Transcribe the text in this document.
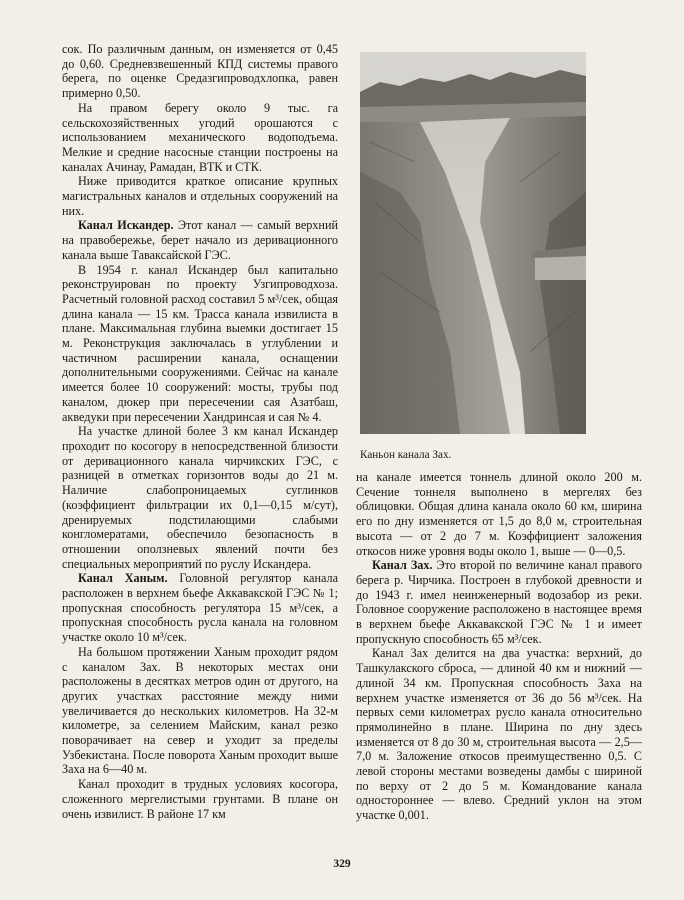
сок. По различным данным, он изменяется от 0,45 до 0,60. Средневзвешенный КПД системы правого берега, по оценке Средазгипроводхлопка, равен примерно 0,50.

На правом берегу около 9 тыс. га сельскохозяйственных угодий орошаются с использованием механического водоподъема. Мелкие и средние насосные станции построены на каналах Ачинау, Рамадан, ВТК и СТК.

Ниже приводится краткое описание крупных магистральных каналов и отдельных сооружений на них.

Канал Искандер. Этот канал — самый верхний на правобережье, берет начало из деривационного канала выше Таваксайской ГЭС.

В 1954 г. канал Искандер был капитально реконструирован по проекту Узгипроводхоза. Расчетный головной расход составил 5 м³/сек, общая длина канала — 15 км. Трасса канала извилиста в плане. Максимальная глубина выемки достигает 15 м. Реконструкция заключалась в углублении и частичном расширении канала, оснащении дополнительными сооружениями. Сейчас на канале имеется более 10 сооружений: мосты, трубы под каналом, дюкер при пересечении сая Азатбаш, акведуки при пересечении Хандринсая и сая № 4.

На участке длиной более 3 км канал Искандер проходит по косогору в непосредственной близости от деривационного канала чирчикских ГЭС, с разницей в отметках горизонтов воды до 21 м. Наличие слабопроницаемых суглинков (коэффициент фильтрации их 0,1—0,15 м/сут), дренируемых подстилающими слабыми конгломератами, обеспечило безопасность в отношении оползневых явлений почти без специальных мероприятий по руслу Искандера.

Канал Ханым. Головной регулятор канала расположен в верхнем бьефе Аккавакской ГЭС № 1; пропускная способность регулятора 15 м³/сек, а пропускная способность русла канала на головном участке около 10 м³/сек.

На большом протяжении Ханым проходит рядом с каналом Зах. В некоторых местах они расположены в десятках метров один от другого, на других участках расстояние между ними увеличивается до нескольких километров. На 32-м километре, за селением Майским, канал резко поворачивает на север и уходит за пределы Узбекистана. После поворота Ханым проходит выше Заха на 6—40 м.

Канал проходит в трудных условиях косогора, сложенного мергелистыми грунтами. В плане он очень извилист. В районе 17 км

Каньон канала Зах.

на канале имеется тоннель длиной около 200 м. Сечение тоннеля выполнено в мергелях без облицовки. Общая длина канала около 60 км, ширина его по дну изменяется от 1,5 до 8,0 м, строительная высота — от 2 до 7 м. Коэффициент заложения откосов ниже уровня воды около 1, выше — 0—0,5.

Канал Зах. Это второй по величине канал правого берега р. Чирчика. Построен в глубокой древности и до 1943 г. имел неинженерный водозабор из реки. Головное сооружение расположено в настоящее время в верхнем бьефе Аккавакской ГЭС № 1 и имеет пропускную способность 65 м³/сек.

Канал Зах делится на два участка: верхний, до Ташкулакского сброса, — длиной 40 км и нижний — длиной 34 км. Пропускная способность Заха на верхнем участке изменяется от 36 до 56 м³/сек. На первых семи километрах русло канала относительно прямолинейно в плане. Ширина по дну здесь изменяется от 8 до 30 м, строительная высота — 2,5—7,0 м. Заложение откосов преимущественно 0,5. С левой стороны местами возведены дамбы с шириной по верху от 2 до 5 м. Командование канала одностороннее — влево. Средний уклон на этом участке 0,001.

329
